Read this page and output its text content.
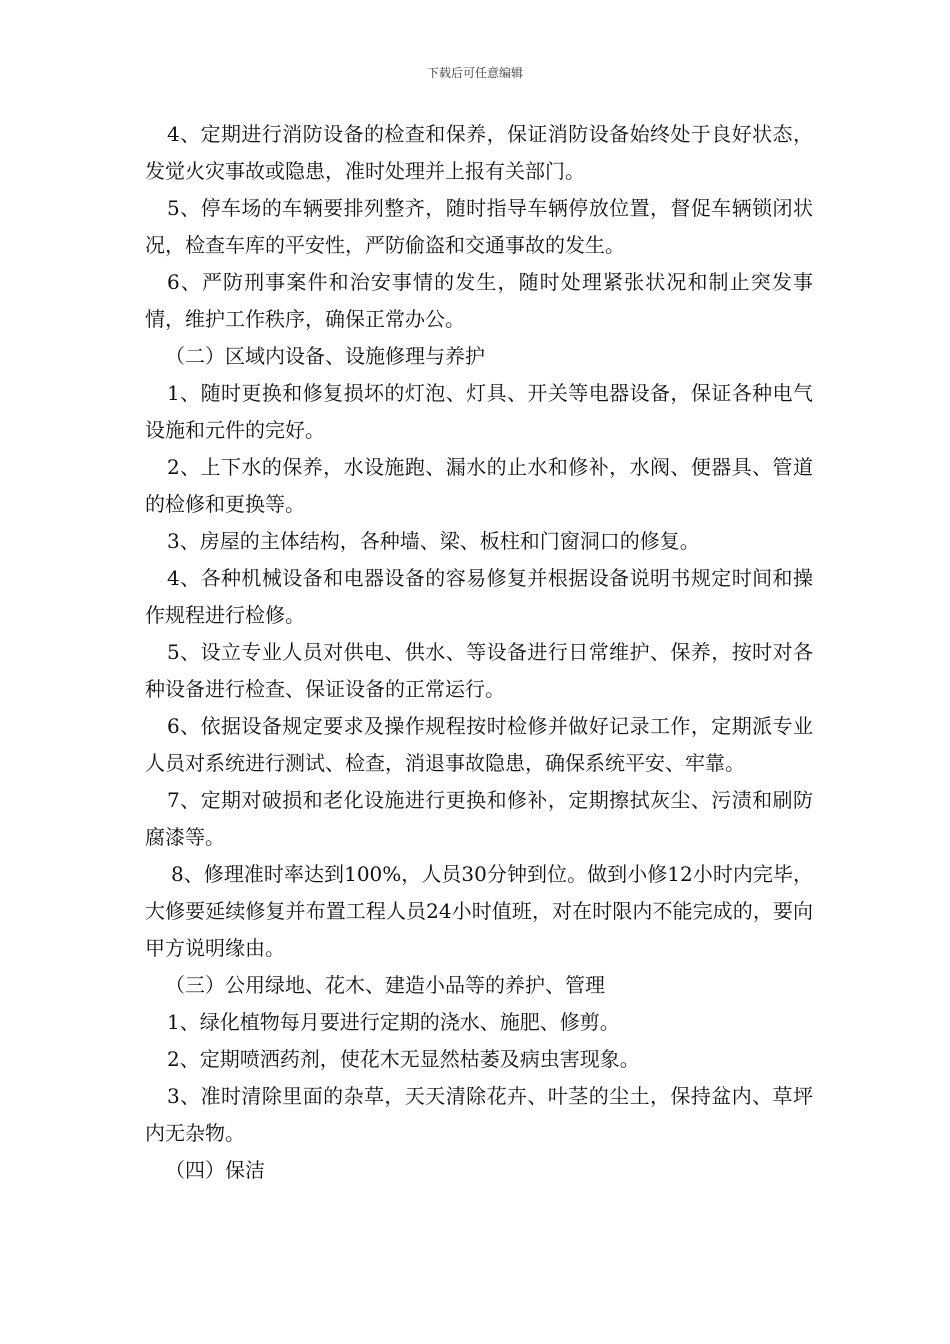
下载后可任意编辑

4、定期进行消防设备的检查和保养，保证消防设备始终处于良好状态，发觉火灾事故或隐患，准时处理并上报有关部门。

5、停车场的车辆要排列整齐，随时指导车辆停放位置，督促车辆锁闭状况，检查车库的平安性，严防偷盗和交通事故的发生。

6、严防刑事案件和治安事情的发生，随时处理紧张状况和制止突发事情，维护工作秩序，确保正常办公。

（二）区域内设备、设施修理与养护

1、随时更换和修复损坏的灯泡、灯具、开关等电器设备，保证各种电气设施和元件的完好。

2、上下水的保养，水设施跑、漏水的止水和修补，水阀、便器具、管道的检修和更换等。

3、房屋的主体结构，各种墙、梁、板柱和门窗洞口的修复。

4、各种机械设备和电器设备的容易修复并根据设备说明书规定时间和操作规程进行检修。

5、设立专业人员对供电、供水、等设备进行日常维护、保养，按时对各种设备进行检查、保证设备的正常运行。

6、依据设备规定要求及操作规程按时检修并做好记录工作，定期派专业人员对系统进行测试、检查，消退事故隐患，确保系统平安、牢靠。

7、定期对破损和老化设施进行更换和修补，定期擦拭灰尘、污渍和刷防腐漆等。

8、修理准时率达到100%，人员30分钟到位。做到小修12小时内完毕，大修要延续修复并布置工程人员24小时值班，对在时限内不能完成的，要向甲方说明缘由。

（三）公用绿地、花木、建造小品等的养护、管理

1、绿化植物每月要进行定期的浇水、施肥、修剪。

2、定期喷洒药剂，使花木无显然枯萎及病虫害现象。

3、准时清除里面的杂草，天天清除花卉、叶茎的尘土，保持盆内、草坪内无杂物。

（四）保洁
